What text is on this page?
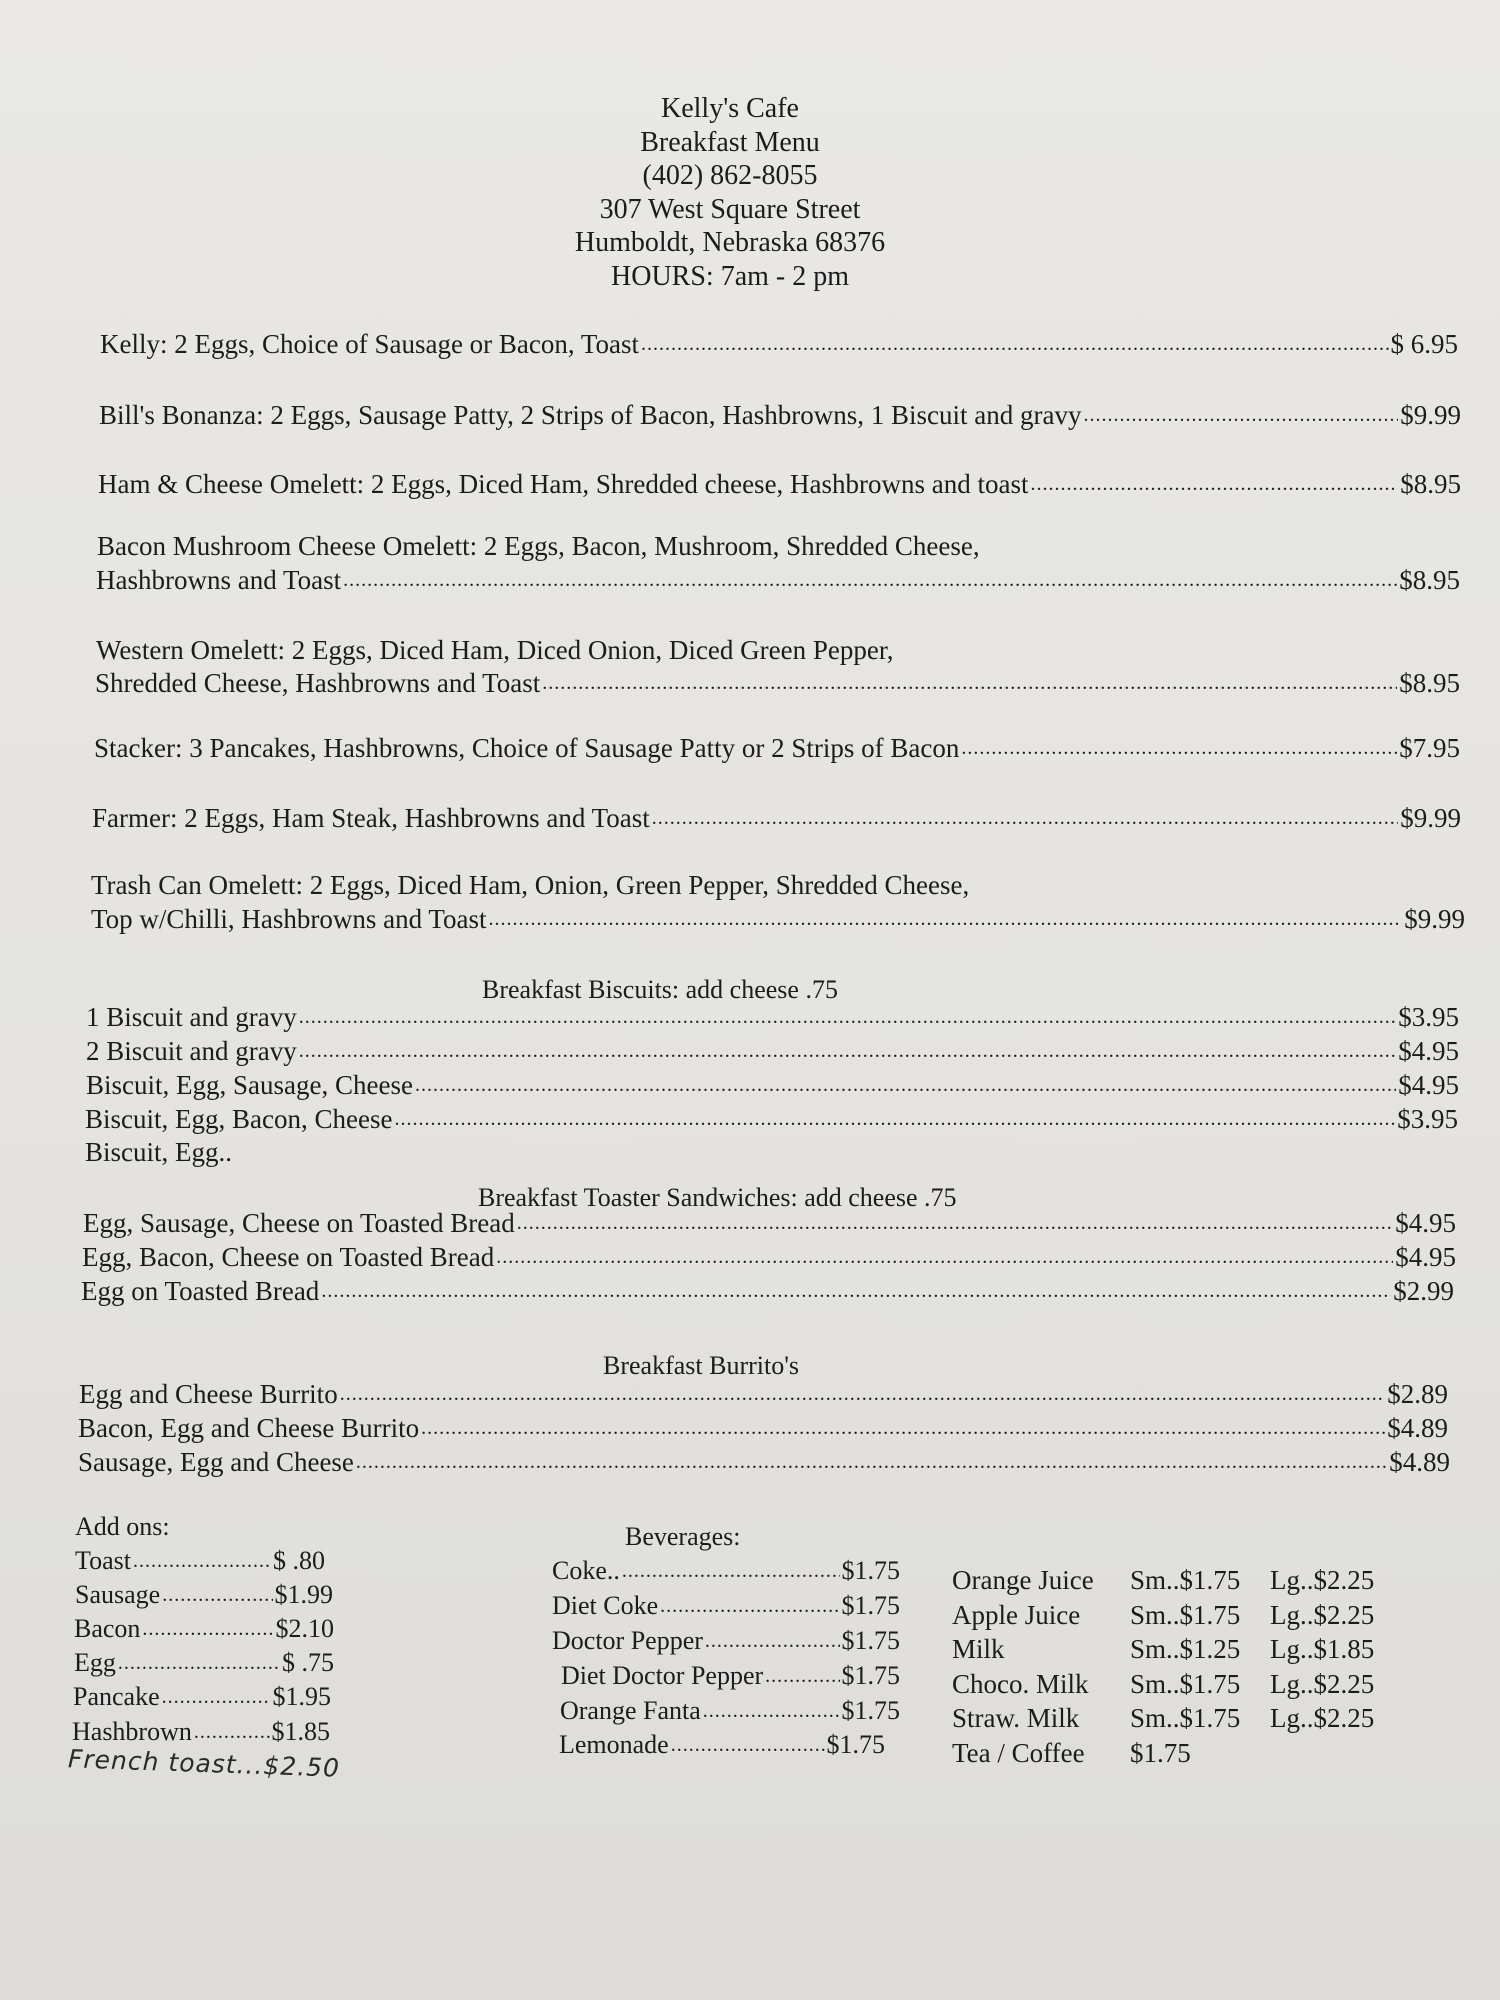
Kelly's Cafe
Breakfast Menu
(402) 862-8055
307 West Square Street
Humboldt, Nebraska 68376
HOURS: 7am - 2 pm
Kelly: 2 Eggs, Choice of Sausage or Bacon, Toast .....	$ 6.95
Bill's Bonanza: 2 Eggs, Sausage Patty, 2 Strips of Bacon, Hashbrowns, 1 Biscuit and gravy .....	$9.99
Ham & Cheese Omelett: 2 Eggs, Diced Ham, Shredded cheese, Hashbrowns and toast .....	$8.95
Bacon Mushroom Cheese Omelett: 2 Eggs, Bacon, Mushroom, Shredded Cheese,
Hashbrowns and Toast .....	$8.95
Western Omelett: 2 Eggs, Diced Ham, Diced Onion, Diced Green Pepper,
Shredded Cheese, Hashbrowns and Toast .....	$8.95
Stacker: 3 Pancakes, Hashbrowns, Choice of Sausage Patty or 2 Strips of Bacon .....	$7.95
Farmer: 2 Eggs, Ham Steak, Hashbrowns and Toast .....	$9.99
Trash Can Omelett: 2 Eggs, Diced Ham, Onion, Green Pepper, Shredded Cheese,
Top w/Chilli, Hashbrowns and Toast .....	$9.99
Breakfast Biscuits: add cheese .75
1 Biscuit and gravy .....	$3.95
2 Biscuit and gravy .....	$4.95
Biscuit, Egg, Sausage, Cheese .....	$4.95
Biscuit, Egg, Bacon, Cheese .....	$3.95
Biscuit, Egg..
Breakfast Toaster Sandwiches: add cheese .75
Egg, Sausage, Cheese on Toasted Bread .....	$4.95
Egg, Bacon, Cheese on Toasted Bread .....	$4.95
Egg on Toasted Bread .....	$2.99
Breakfast Burrito's
Egg and Cheese Burrito .....	$2.89
Bacon, Egg and Cheese Burrito .....	$4.89
Sausage, Egg and Cheese .....	$4.89
Add ons:
Toast .....	$ .80
Sausage .....	$1.99
Bacon .....	$2.10
Egg .....	$ .75
Pancake .....	$1.95
Hashbrown .....	$1.85
French toast...$2.50
Beverages:
Coke.. .....	$1.75
Diet Coke .....	$1.75
Doctor Pepper .....	$1.75
Diet Doctor Pepper .....	$1.75
Orange Fanta .....	$1.75
Lemonade .....	$1.75
Orange Juice Sm..$1.75 Lg..$2.25
Apple Juice Sm..$1.75 Lg..$2.25
Milk	Sm..$1.25 Lg..$1.85
Choco. Milk Sm..$1.75 Lg..$2.25
Straw. Milk Sm..$1.75 Lg..$2.25
Tea / Coffee $1.75
